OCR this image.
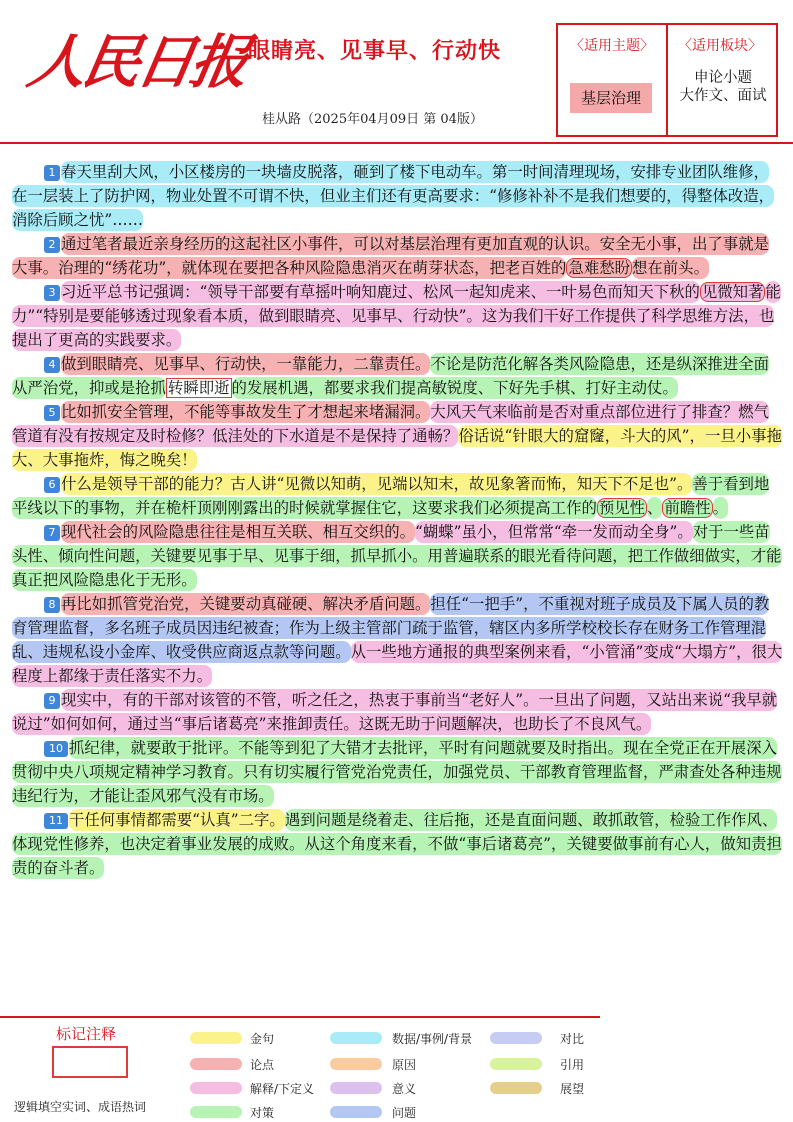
人民日报
眼睛亮、见事早、行动快
桂从路（2025年04月09日 第 04版）
〈适用主题〉 〈适用板块〉
基层治理
申论小题
大作文、面试

1 春天里刮大风，小区楼房的一块墙皮脱落，砸到了楼下电动车。第一时间清理现场，安排专业团队维修，在一层装上了防护网，物业处置不可谓不快，但业主们还有更高要求：“修修补补不是我们想要的，得整体改造，消除后顾之忧”……

2 通过笔者最近亲身经历的这起社区小事件，可以对基层治理有更加直观的认识。安全无小事，出了事就是大事。治理的“绣花功”，就体现在要把各种风险隐患消灭在萌芽状态，把老百姓的 急难愁盼 想在前头。

3 习近平总书记强调：“领导干部要有草摇叶响知鹿过、松风一起知虎来、一叶易色而知天下秋的 见微知著 能力”“特别是要能够透过现象看本质，做到眼睛亮、见事早、行动快”。这为我们干好工作提供了科学思维方法，也提出了更高的实践要求。

4 做到眼睛亮、见事早、行动快，一靠能力，二靠责任。不论是防范化解各类风险隐患，还是纵深推进全面从严治党，抑或是抢抓 转瞬即逝 的发展机遇，都要求我们提高敏锐度、下好先手棋、打好主动仗。

5 比如抓安全管理，不能等事故发生了才想起来堵漏洞。大风天气来临前是否对重点部位进行了排查？燃气管道有没有按规定及时检修？低洼处的下水道是不是保持了通畅？俗话说“针眼大的窟窿，斗大的风”，一旦小事拖大、大事拖炸，悔之晚矣！

6 什么是领导干部的能力？古人讲“见微以知萌，见端以知末，故见象箸而怖，知天下不足也”。善于看到地平线以下的事物，并在桅杆顶刚刚露出的时候就掌握住它，这要求我们必须提高工作的 预见性 、 前瞻性 。

7 现代社会的风险隐患往往是相互关联、相互交织的。“蝴蝶”虽小，但常常“牵一发而动全身”。对于一些苗头性、倾向性问题，关键要见事于早、见事于细，抓早抓小。用普遍联系的眼光看待问题，把工作做细做实，才能真正把风险隐患化于无形。

8 再比如抓管党治党，关键要动真碰硬、解决矛盾问题。担任“一把手”，不重视对班子成员及下属人员的教育管理监督，多名班子成员因违纪被查；作为上级主管部门疏于监管，辖区内多所学校校长存在财务工作管理混乱、违规私设小金库、收受供应商返点款等问题。从一些地方通报的典型案例来看，“小管涌”变成“大塌方”，很大程度上都缘于责任落实不力。

9 现实中，有的干部对该管的不管，听之任之，热衷于事前当“老好人”。一旦出了问题，又站出来说“我早就说过”如何如何，通过当“事后诸葛亮”来推卸责任。这既无助于问题解决，也助长了不良风气。

10 抓纪律，就要敢于批评。不能等到犯了大错才去批评，平时有问题就要及时指出。现在全党正在开展深入贯彻中央八项规定精神学习教育。只有切实履行管党治党责任，加强党员、干部教育管理监督，严肃查处各种违规违纪行为，才能让歪风邪气没有市场。

11 干任何事情都需要“认真”二字。遇到问题是绕着走、往后拖，还是直面问题、敢抓敢管，检验工作作风、体现党性修养，也决定着事业发展的成败。从这个角度来看，不做“事后诸葛亮”，关键要做事前有心人，做知责担责的奋斗者。

标记注释
逻辑填空实词、成语热词
金句
论点
解释/下定义
对策
数据/事例/背景
原因
意义
问题
对比
引用
展望
